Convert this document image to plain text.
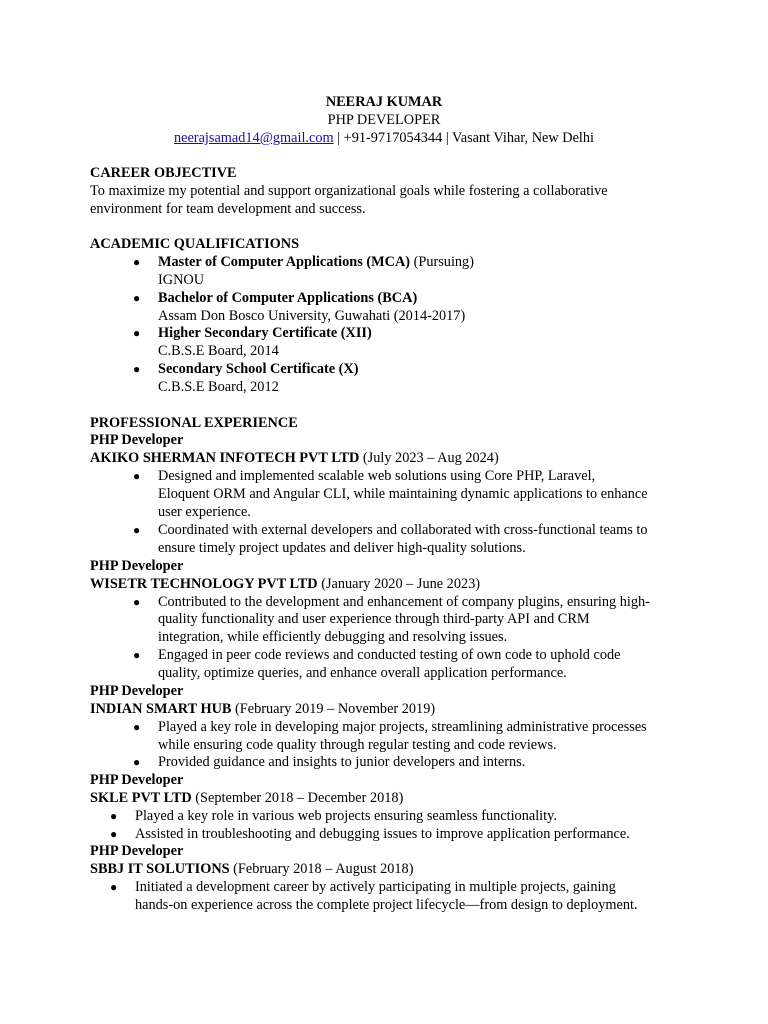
NEERAJ KUMAR
PHP DEVELOPER
neerajsamad14@gmail.com | +91-9717054344 | Vasant Vihar, New Delhi
CAREER OBJECTIVE
To maximize my potential and support organizational goals while fostering a collaborative
environment for team development and success.
ACADEMIC QUALIFICATIONS
● Master of Computer Applications (MCA) (Pursuing)
IGNOU
● Bachelor of Computer Applications (BCA)
Assam Don Bosco University, Guwahati (2014-2017)
● Higher Secondary Certificate (XII)
C.B.S.E Board, 2014
● Secondary School Certificate (X)
C.B.S.E Board, 2012
PROFESSIONAL EXPERIENCE
PHP Developer
AKIKO SHERMAN INFOTECH PVT LTD (July 2023 – Aug 2024)
● Designed and implemented scalable web solutions using Core PHP, Laravel,
Eloquent ORM and Angular CLI, while maintaining dynamic applications to enhance
user experience.
● Coordinated with external developers and collaborated with cross-functional teams to
ensure timely project updates and deliver high-quality solutions.
PHP Developer
WISETR TECHNOLOGY PVT LTD (January 2020 – June 2023)
● Contributed to the development and enhancement of company plugins, ensuring high-
quality functionality and user experience through third-party API and CRM
integration, while efficiently debugging and resolving issues.
● Engaged in peer code reviews and conducted testing of own code to uphold code
quality, optimize queries, and enhance overall application performance.
PHP Developer
INDIAN SMART HUB (February 2019 – November 2019)
● Played a key role in developing major projects, streamlining administrative processes
while ensuring code quality through regular testing and code reviews.
● Provided guidance and insights to junior developers and interns.
PHP Developer
SKLE PVT LTD (September 2018 – December 2018)
● Played a key role in various web projects ensuring seamless functionality.
● Assisted in troubleshooting and debugging issues to improve application performance.
PHP Developer
SBBJ IT SOLUTIONS (February 2018 – August 2018)
● Initiated a development career by actively participating in multiple projects, gaining
hands-on experience across the complete project lifecycle—from design to deployment.
